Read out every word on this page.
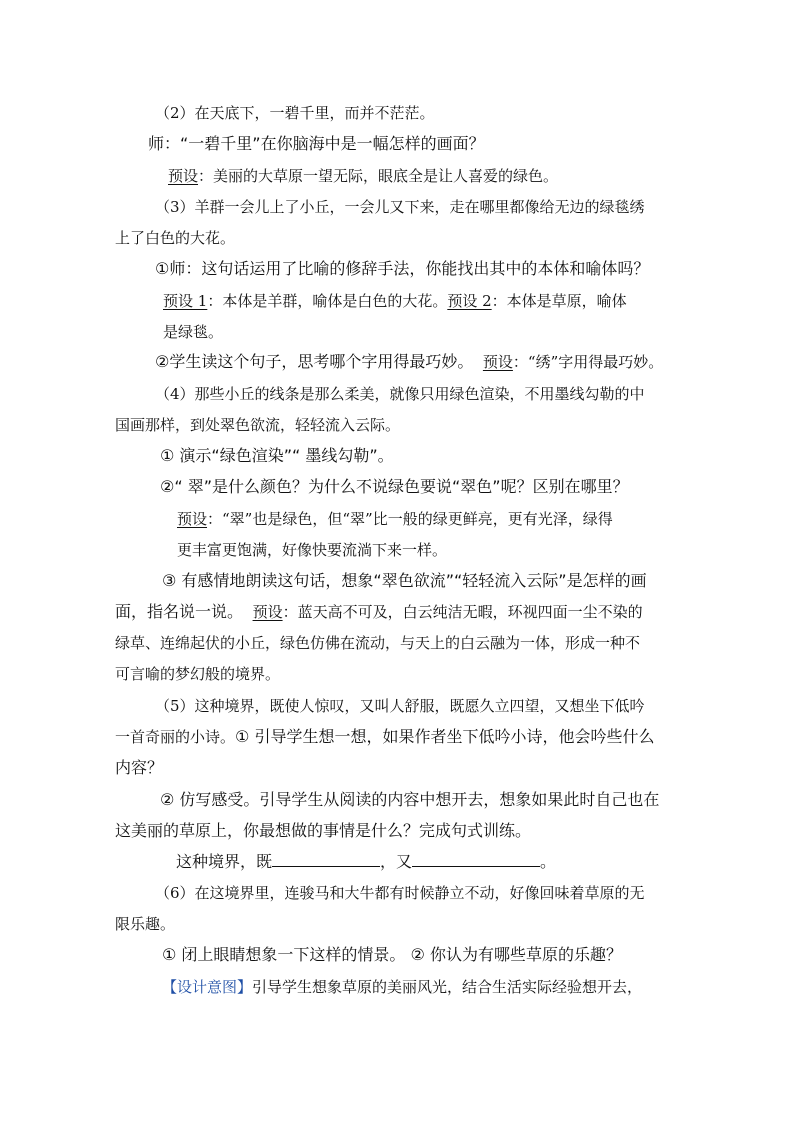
（2）在天底下，一碧千里，而并不茫茫。
师：“一碧千里”在你脑海中是一幅怎样的画面？
预设：美丽的大草原一望无际，眼底全是让人喜爱的绿色。
（3）羊群一会儿上了小丘，一会儿又下来，走在哪里都像给无边的绿毯绣
上了白色的大花。
①师：这句话运用了比喻的修辞手法，你能找出其中的本体和喻体吗？
预设 1：本体是羊群，喻体是白色的大花。预设 2：本体是草原，喻体
是绿毯。
②学生读这个句子，思考哪个字用得最巧妙。 预设：“绣”字用得最巧妙。
（4）那些小丘的线条是那么柔美，就像只用绿色渲染，不用墨线勾勒的中
国画那样，到处翠色欲流，轻轻流入云际。
① 演示“绿色渲染”“ 墨线勾勒”。
②“ 翠”是什么颜色？为什么不说绿色要说“翠色”呢？区别在哪里？
预设：“翠”也是绿色，但“翠”比一般的绿更鲜亮，更有光泽，绿得
更丰富更饱满，好像快要流淌下来一样。
③ 有感情地朗读这句话，想象“翠色欲流”“轻轻流入云际”是怎样的画
面，指名说一说。 预设：蓝天高不可及，白云纯洁无暇，环视四面一尘不染的
绿草、连绵起伏的小丘，绿色仿佛在流动，与天上的白云融为一体，形成一种不
可言喻的梦幻般的境界。
（5）这种境界，既使人惊叹，又叫人舒服，既愿久立四望，又想坐下低吟
一首奇丽的小诗。① 引导学生想一想，如果作者坐下低吟小诗，他会吟些什么
内容？
② 仿写感受。引导学生从阅读的内容中想开去，想象如果此时自己也在
这美丽的草原上，你最想做的事情是什么？完成句式训练。
这种境界，既	，又	。
（6）在这境界里，连骏马和大牛都有时候静立不动，好像回味着草原的无
限乐趣。
① 闭上眼睛想象一下这样的情景。 ② 你认为有哪些草原的乐趣？
【设计意图】引导学生想象草原的美丽风光，结合生活实际经验想开去，
